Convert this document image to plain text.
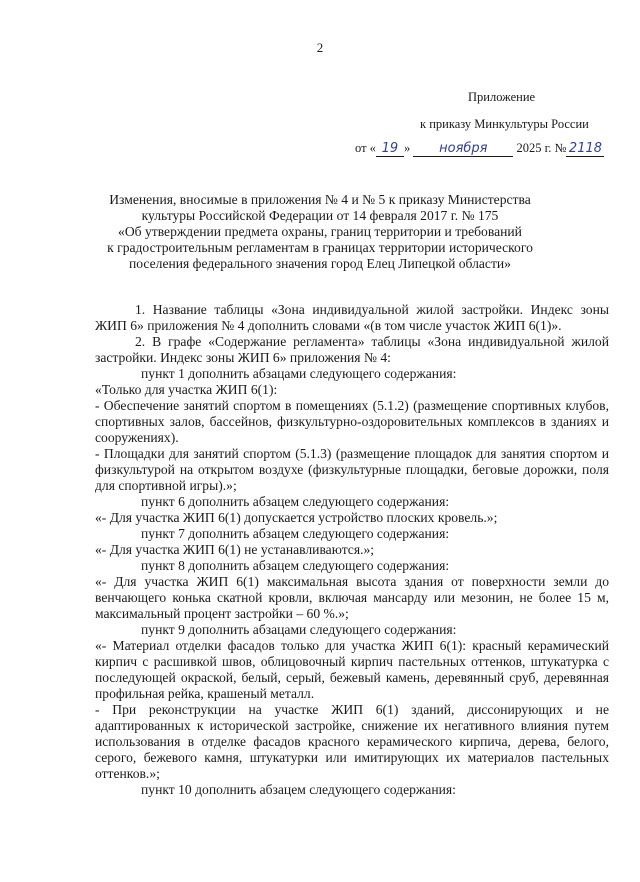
2
Приложение
к приказу Минкультуры России
от « 19 » ноября 2025 г. № 2118
Изменения, вносимые в приложения № 4 и № 5 к приказу Министерства
культуры Российской Федерации от 14 февраля 2017 г. № 175
«Об утверждении предмета охраны, границ территории и требований
к градостроительным регламентам в границах территории исторического
поселения федерального значения город Елец Липецкой области»

1. Название таблицы «Зона индивидуальной жилой застройки. Индекс зоны ЖИП 6» приложения № 4 дополнить словами «(в том числе участок ЖИП 6(1)».

2. В графе «Содержание регламента» таблицы «Зона индивидуальной жилой застройки. Индекс зоны ЖИП 6» приложения № 4:

пункт 1 дополнить абзацами следующего содержания:

«Только для участка ЖИП 6(1):

- Обеспечение занятий спортом в помещениях (5.1.2) (размещение спортивных клубов, спортивных залов, бассейнов, физкультурно-оздоровительных комплексов в зданиях и сооружениях).

- Площадки для занятий спортом (5.1.3) (размещение площадок для занятия спортом и физкультурой на открытом воздухе (физкультурные площадки, беговые дорожки, поля для спортивной игры).»;

пункт 6 дополнить абзацем следующего содержания:

«- Для участка ЖИП 6(1) допускается устройство плоских кровель.»;

пункт 7 дополнить абзацем следующего содержания:

«- Для участка ЖИП 6(1) не устанавливаются.»;

пункт 8 дополнить абзацем следующего содержания:

«- Для участка ЖИП 6(1) максимальная высота здания от поверхности земли до венчающего конька скатной кровли, включая мансарду или мезонин, не более 15 м, максимальный процент застройки – 60 %.»;

пункт 9 дополнить абзацами следующего содержания:

«- Материал отделки фасадов только для участка ЖИП 6(1): красный керамический кирпич с расшивкой швов, облицовочный кирпич пастельных оттенков, штукатурка с последующей окраской, белый, серый, бежевый камень, деревянный сруб, деревянная профильная рейка, крашеный металл.

- При реконструкции на участке ЖИП 6(1) зданий, диссонирующих и не адаптированных к исторической застройке, снижение их негативного влияния путем использования в отделке фасадов красного керамического кирпича, дерева, белого, серого, бежевого камня, штукатурки или имитирующих их материалов пастельных оттенков.»;

пункт 10 дополнить абзацем следующего содержания:
